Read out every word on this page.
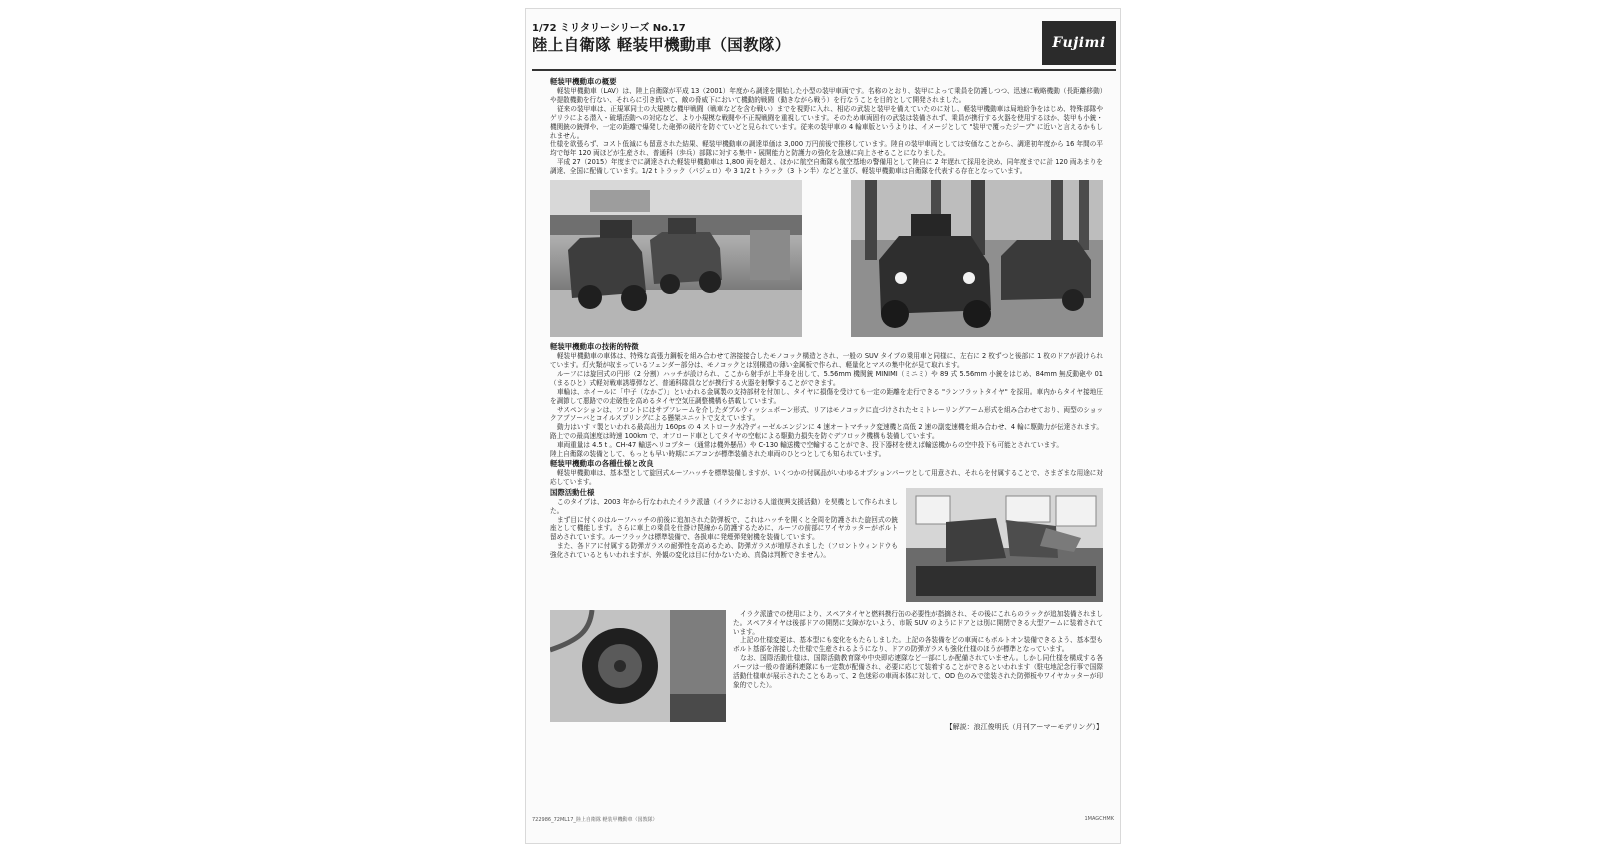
1/72 ミリタリーシリーズ No.17
陸上自衛隊 軽装甲機動車（国教隊）	Fujimi
軽装甲機動車の概要

軽装甲機動車（LAV）は、陸上自衛隊が平成 13（2001）年度から調達を開始した小型の装甲車両です。名称のとおり、装甲によって乗員を防護しつつ、迅速に戦略機動（長距離移動）や提散機動を行ない、それらに引き続いて、敵の脅威下において機動的戦闘（動きながら戦う）を行なうことを目的として開発されました。

従来の装甲車は、正規軍同士の大規模な機甲戦闘（戦車などを含む戦い）までを視野に入れ、相応の武装と装甲を備えていたのに対し、軽装甲機動車は局地紛争をはじめ、特殊部隊やゲリラによる潜入・破壊活動への対応など、より小規模な戦闘や不正規戦闘を重視しています。そのため車両固有の武装は装備されず、乗員が携行する火器を使用するほか、装甲も小銃・機関銃の銃弾や、一定の距離で爆発した砲弾の破片を防ぐていどと見られています。従来の装甲車の 4 輪車版というよりは、イメージとして "装甲で覆ったジープ" に近いと言えるかもしれません。

仕様を欲張らず、コスト低減にも留意された結果、軽装甲機動車の調達単価は 3,000 万円前後で推移しています。陸自の装甲車両としては安価なことから、調達初年度から 16 年間の平均で毎年 120 両ほどが生産され、普通科（歩兵）部隊に対する集中・展開能力と防護力の強化を急速に向上させることになりました。

平成 27（2015）年度までに調達された軽装甲機動車は 1,800 両を超え、ほかに航空自衛隊も航空基地の警備用として陸自に 2 年遅れて採用を決め、同年度までに計 120 両あまりを調達、全国に配備しています。1/2 t トラック（パジェロ）や 3 1/2 t トラック（3 トン半）などと並び、軽装甲機動車は自衛隊を代表する存在となっています。

軽装甲機動車の技術的特徴

軽装甲機動車の車体は、特殊な高張力鋼板を組み合わせて溶接接合したモノコック構造とされ、一般の SUV タイプの乗用車と同様に、左右に 2 枚ずつと後部に 1 枚のドアが設けられています。灯火類が収まっているフェンダー部分は、モノコックとは別構造の薄い金属板で作られ、軽量化とマスの集中化が見て取れます。

ルーフには旋回式の円形（2 分割）ハッチが設けられ、ここから射手が上半身を出して、5.56mm 機関銃 MINIMI（ミニミ）や 89 式 5.56mm 小銃をはじめ、84mm 無反動砲や 01（まるひと）式軽対戦車誘導弾など、普通科隊員などが携行する火器を射撃することができます。

車輪は、ホイールに「中子（なかご）」といわれる金属製の支持部材を付加し、タイヤに損傷を受けても一定の距離を走行できる "ランフラットタイヤ" を採用。車内からタイヤ接地圧を調節して悪路での走破性を高めるタイヤ空気圧調整機構も搭載しています。

サスペンションは、フロントにはサブフレームを介したダブルウィッシュボーン形式、リアはモノコックに直づけされたセミトレーリングアーム形式を組み合わせており、両型のショックアブソーバとコイルスプリングによる懸架ユニットで支えています。

動力はいすゞ製といわれる最高出力 160ps の 4 ストローク水冷ディーゼルエンジンに 4 速オートマチック変速機と高低 2 速の副変速機を組み合わせ、4 輪に駆動力が伝達されます。路上での最高速度は時速 100km で、オフロード車としてタイヤの空転による駆動力損失を防ぐデフロック機構も装備しています。

車両重量は 4.5 t 。CH-47 輸送ヘリコプター（通常は機外懸吊）や C-130 輸送機で空輸することができ、投下器材を使えば輸送機からの空中投下も可能とされています。

陸上自衛隊の装備として、もっとも早い時期にエアコンが標準装備された車両のひとつとしても知られています。

軽装甲機動車の各種仕様と改良

軽装甲機動車は、基本型として旋回式ルーフハッチを標準装備しますが、いくつかの付属品がいわゆるオプションパーツとして用意され、それらを付属することで、さまざまな用途に対応しています。

国際活動仕様

このタイプは、2003 年から行なわれたイラク派遣（イラクにおける人道復興支援活動）を契機として作られました。

まず目に付くのはルーフハッチの前後に追加された防弾板で、これはハッチを開くと全周を防護された旋回式の銃座として機能します。さらに車上の乗員を仕掛け罠線から防護するために、ルーフの前部にワイヤカッターがボルト留めされています。ルーフラックは標準装備で、各扱車に発煙弾発射機を装備しています。

また、各ドアに付属する防弾ガラスの耐弾性を高めるため、防弾ガラスが増厚されました（フロントウィンドウも強化されているともいわれますが、外観の変化は目に付かないため、真偽は判断できません）。

イラク派遣での使用により、スペアタイヤと燃料携行缶の必要性が指摘され、その後にこれらのラックが追加装備されました。スペアタイヤは後部ドアの開閉に支障がないよう、市販 SUV のようにドアとは別に開閉できる大型アームに装着されています。

上記の仕様変更は、基本型にも変化をもたらしました。上記の各装備をどの車両にもボルトオン装備できるよう、基本型もボルト基部を溶接した仕様で生産されるようになり、ドアの防弾ガラスも強化仕様のほうが標準となっています。

なお、国際活動仕様は、国際活動教育隊や中央即応連隊など一部にしか配備されていません。しかし同仕様を構成する各パーツは一般の普通科連隊にも一定数が配備され、必要に応じて装着することができるといわれます（駐屯地記念行事で国際活動仕様車が展示されたこともあって、2 色迷彩の車両本体に対して、OD 色のみで塗装された防弾板やワイヤカッターが印象的でした）。

【解説：浪江俊明氏（月刊アーマーモデリング）】
722986_72ML17_陸上自衛隊 軽装甲機動車（国教隊）	1MAGCHMK
